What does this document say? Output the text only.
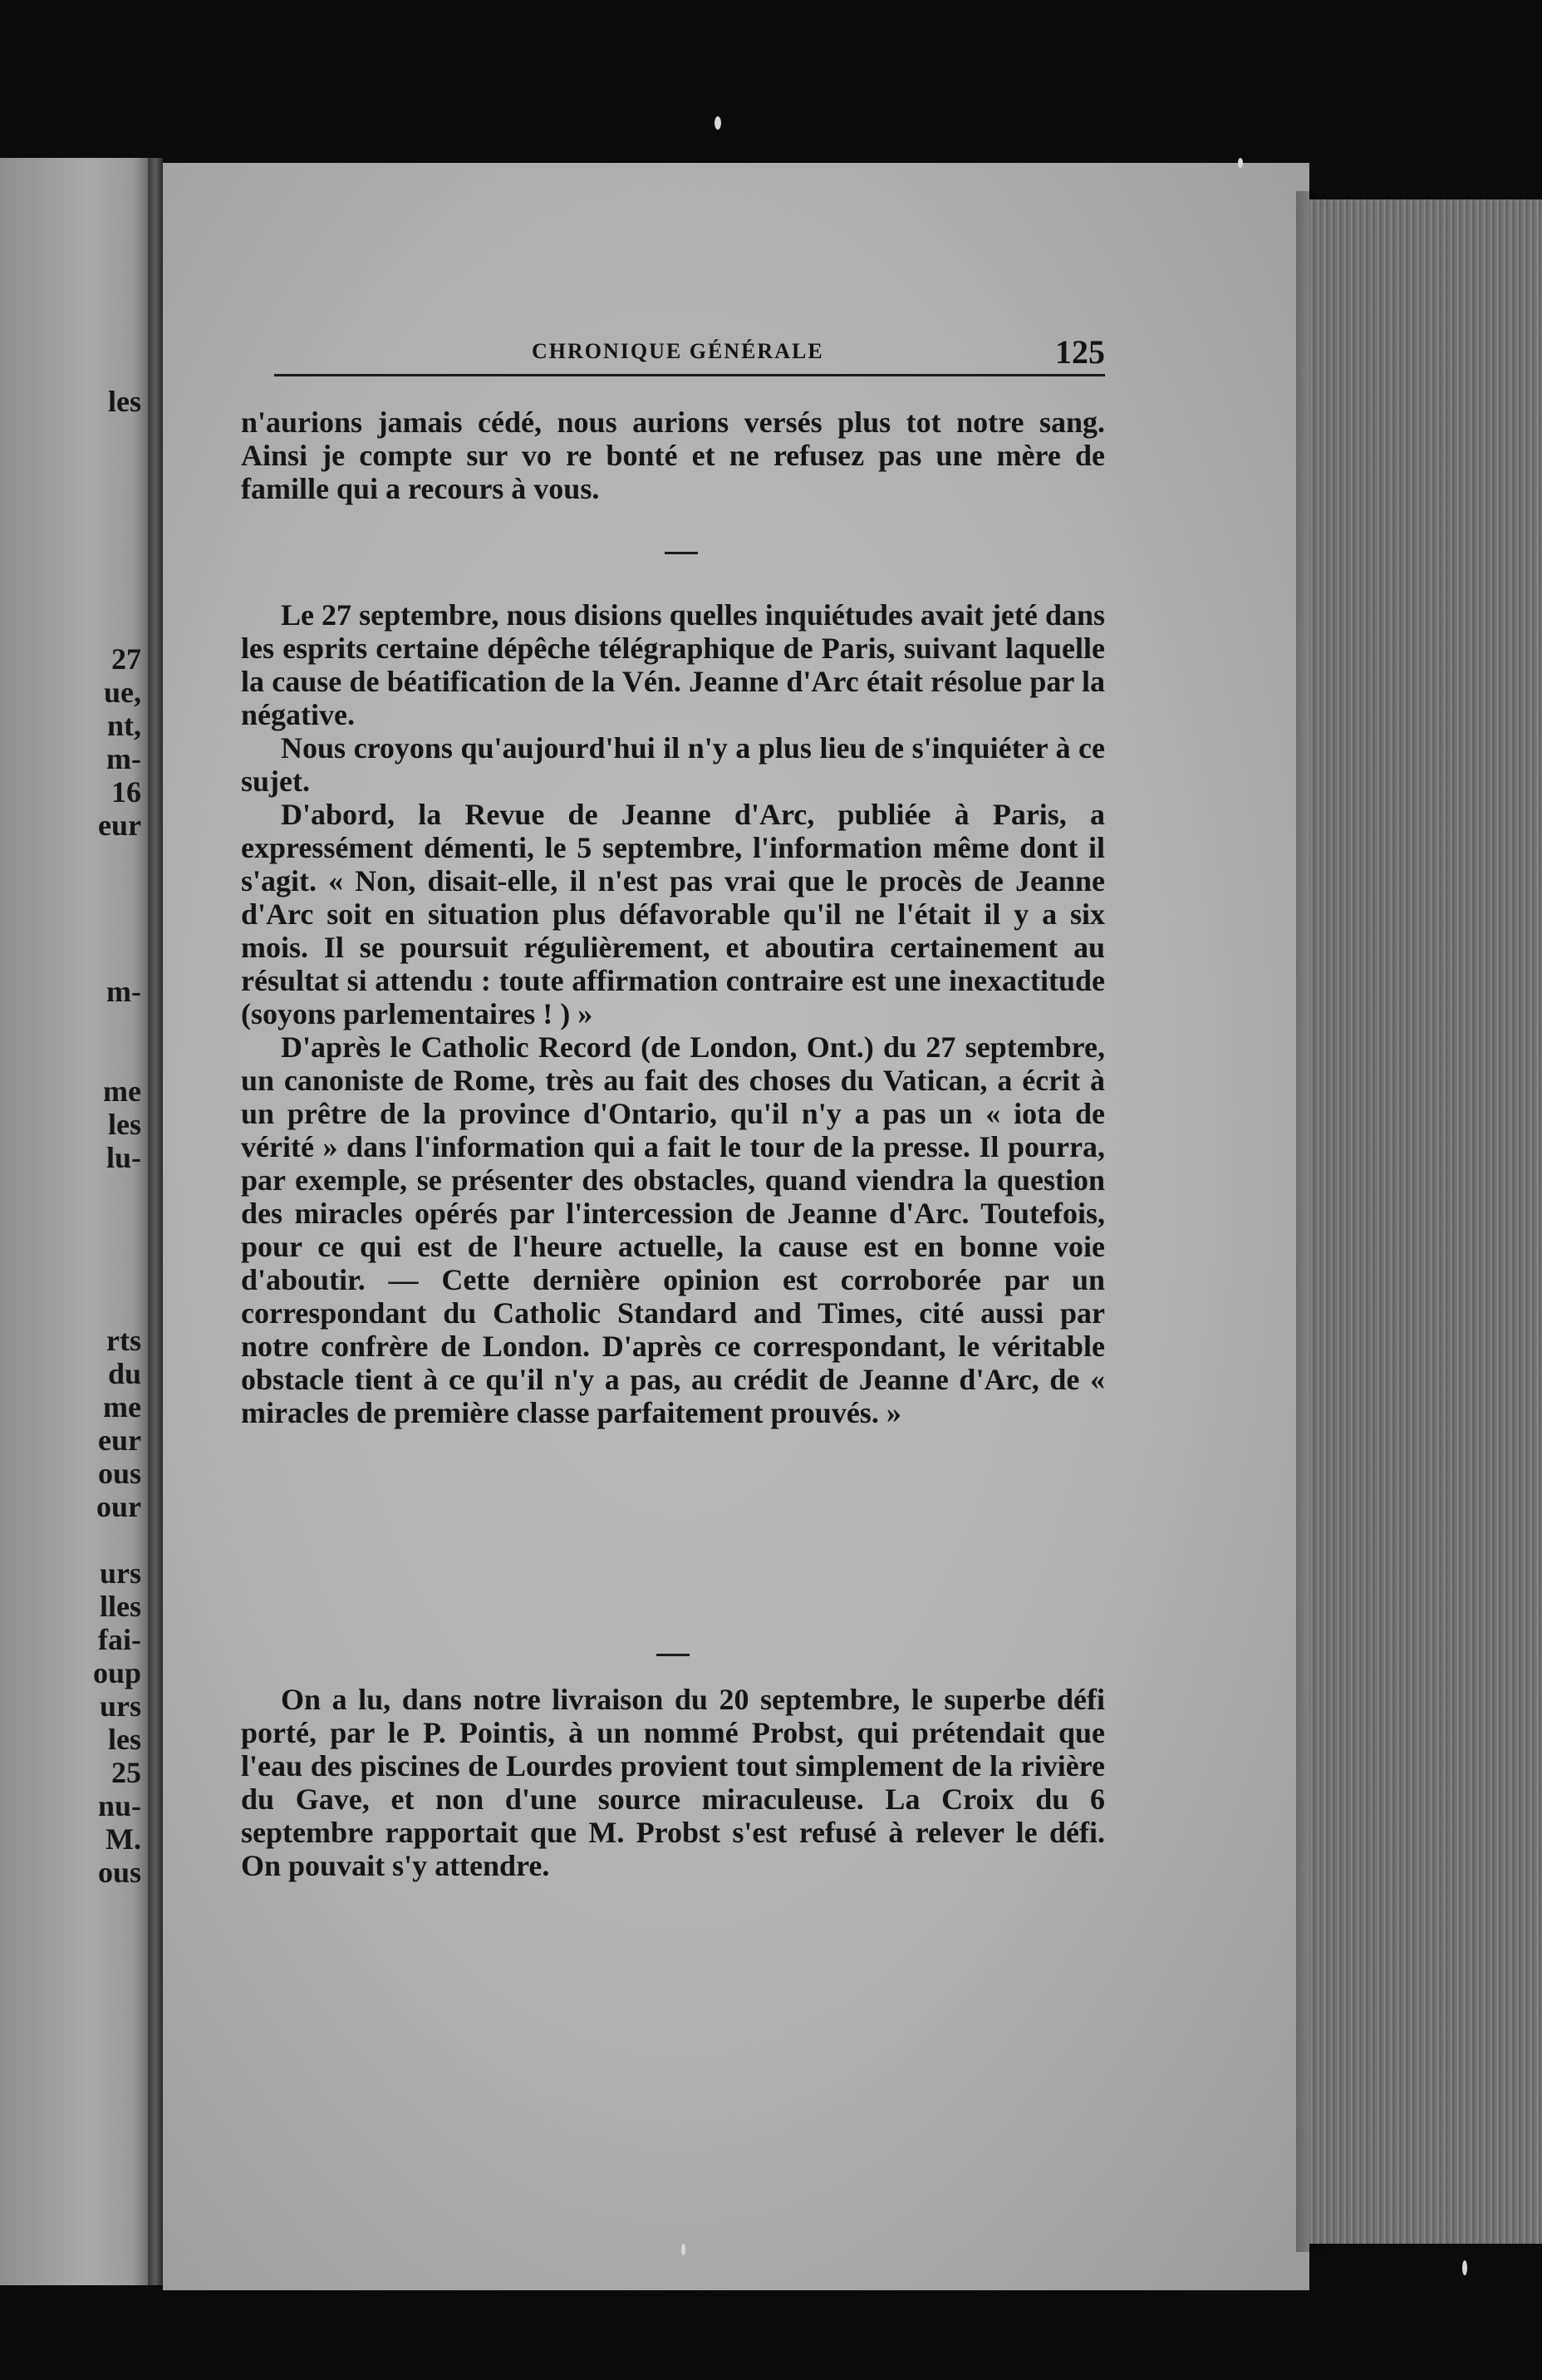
les
27
ue,
nt,
m-
16
eur
m-
me
les
lu-
rts
du
me
eur
ous
our
urs
lles
fai-
oup
urs
les
25
nu-
M.
ous
CHRONIQUE GÉNÉRALE	125

n'aurions jamais cédé, nous aurions versés plus tot notre sang. Ainsi je compte sur vo re bonté et ne refusez pas une mère de famille qui a recours à vous.

Le 27 septembre, nous disions quelles inquiétudes avait jeté dans les esprits certaine dépêche télégraphique de Paris, suivant laquelle la cause de béatification de la Vén. Jeanne d'Arc était résolue par la négative.

Nous croyons qu'aujourd'hui il n'y a plus lieu de s'inquiéter à ce sujet.

D'abord, la Revue de Jeanne d'Arc, publiée à Paris, a expressément démenti, le 5 septembre, l'information même dont il s'agit. « Non, disait-elle, il n'est pas vrai que le procès de Jeanne d'Arc soit en situation plus défavorable qu'il ne l'était il y a six mois. Il se poursuit régulièrement, et aboutira certainement au résultat si attendu : toute affirmation contraire est une inexactitude (soyons parlementaires ! ) »

D'après le Catholic Record (de London, Ont.) du 27 septembre, un canoniste de Rome, très au fait des choses du Vatican, a écrit à un prêtre de la province d'Ontario, qu'il n'y a pas un « iota de vérité » dans l'information qui a fait le tour de la presse. Il pourra, par exemple, se présenter des obstacles, quand viendra la question des miracles opérés par l'intercession de Jeanne d'Arc. Toutefois, pour ce qui est de l'heure actuelle, la cause est en bonne voie d'aboutir. — Cette dernière opinion est corroborée par un correspondant du Catholic Standard and Times, cité aussi par notre confrère de London. D'après ce correspondant, le véritable obstacle tient à ce qu'il n'y a pas, au crédit de Jeanne d'Arc, de « miracles de première classe parfaitement prouvés. »

On a lu, dans notre livraison du 20 septembre, le superbe défi porté, par le P. Pointis, à un nommé Probst, qui prétendait que l'eau des piscines de Lourdes provient tout simplement de la rivière du Gave, et non d'une source miraculeuse. La Croix du 6 septembre rapportait que M. Probst s'est refusé à relever le défi. On pouvait s'y attendre.
